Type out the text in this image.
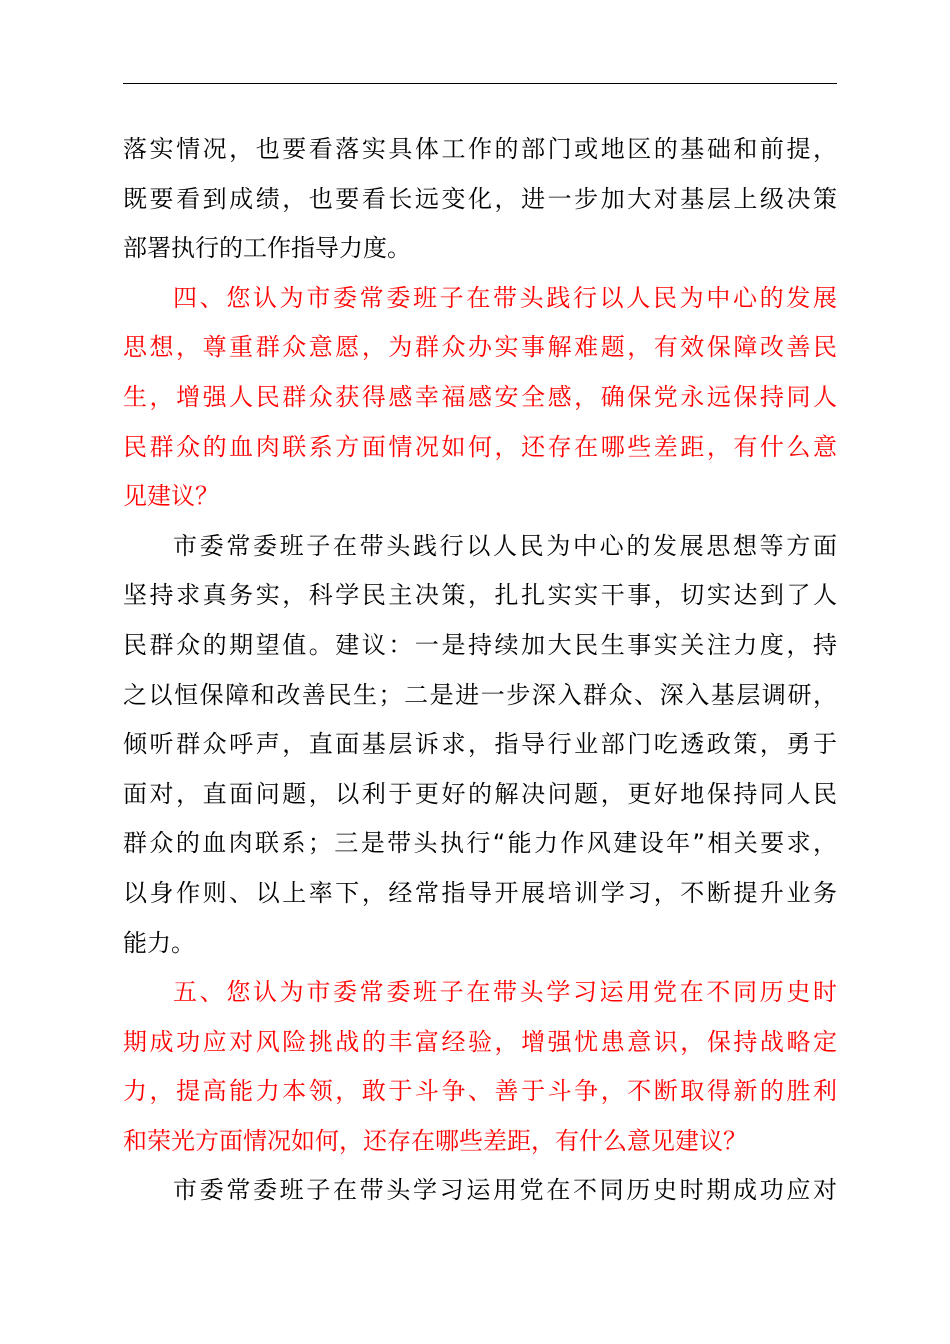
落实情况，也要看落实具体工作的部门或地区的基础和前提，
既要看到成绩，也要看长远变化，进一步加大对基层上级决策
部署执行的工作指导力度。
四、您认为市委常委班子在带头践行以人民为中心的发展
思想，尊重群众意愿，为群众办实事解难题，有效保障改善民
生，增强人民群众获得感幸福感安全感，确保党永远保持同人
民群众的血肉联系方面情况如何，还存在哪些差距，有什么意
见建议？
市委常委班子在带头践行以人民为中心的发展思想等方面
坚持求真务实，科学民主决策，扎扎实实干事，切实达到了人
民群众的期望值。建议：一是持续加大民生事实关注力度，持
之以恒保障和改善民生；二是进一步深入群众、深入基层调研，
倾听群众呼声，直面基层诉求，指导行业部门吃透政策，勇于
面对，直面问题，以利于更好的解决问题，更好地保持同人民
群众的血肉联系；三是带头执行“能力作风建设年”相关要求，
以身作则、以上率下，经常指导开展培训学习，不断提升业务
能力。
五、您认为市委常委班子在带头学习运用党在不同历史时
期成功应对风险挑战的丰富经验，增强忧患意识，保持战略定
力，提高能力本领，敢于斗争、善于斗争，不断取得新的胜利
和荣光方面情况如何，还存在哪些差距，有什么意见建议？
市委常委班子在带头学习运用党在不同历史时期成功应对
